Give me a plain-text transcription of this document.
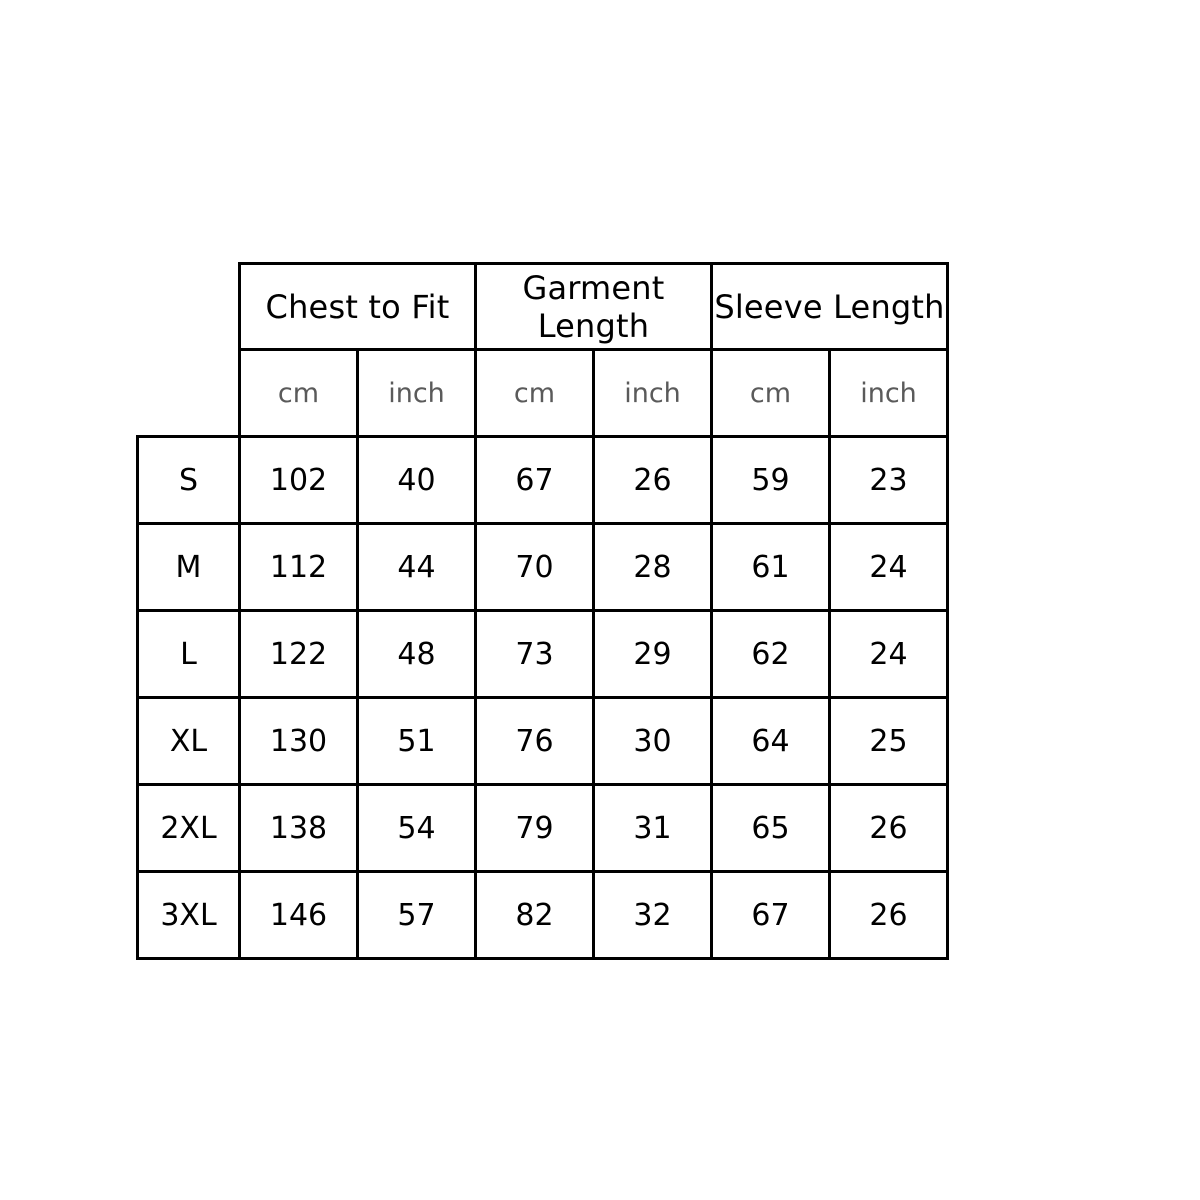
	Chest to Fit		Garment Length		Sleeve Length	
	cm	inch	cm	inch	cm	inch
S	102	40	67	26	59	23
M	112	44	70	28	61	24
L	122	48	73	29	62	24
XL	130	51	76	30	64	25
2XL	138	54	79	31	65	26
3XL	146	57	82	32	67	26
